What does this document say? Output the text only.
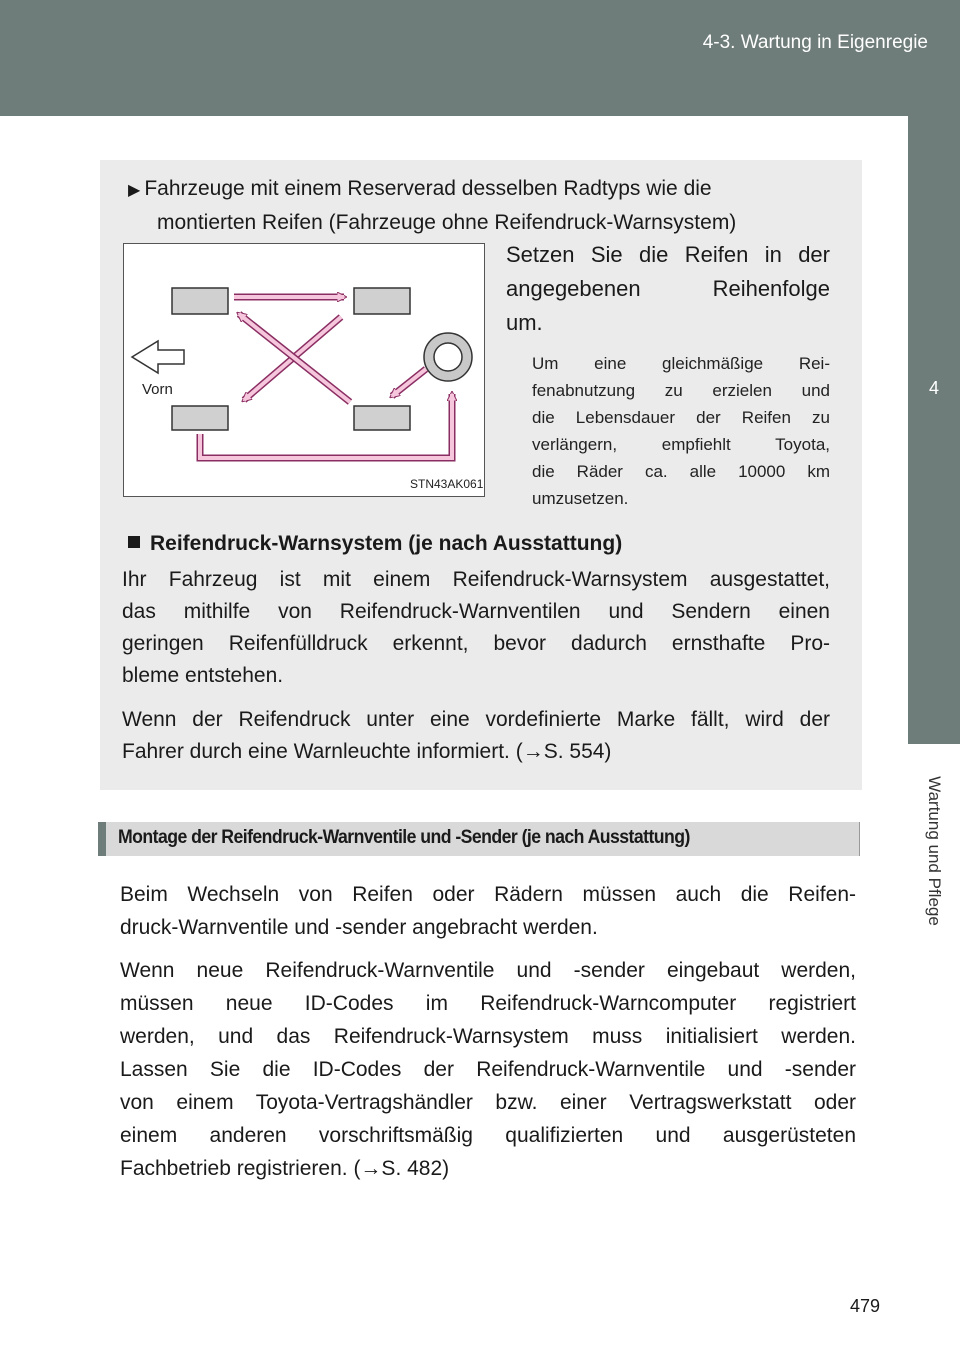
4-3. Wartung in Eigenregie
4
Wartung und Pflege
▶ Fahrzeuge mit einem Reserverad desselben Radtyps wie die
montierten Reifen (Fahrzeuge ohne Reifendruck-Warnsystem)
Vorn
STN43AK061
Setzen Sie die Reifen in der
angegebenen Reihenfolge
um.
Um eine gleichmäßige Rei-
fenabnutzung zu erzielen und
die Lebensdauer der Reifen zu
verlängern, empfiehlt Toyota,
die Räder ca. alle 10000 km
umzusetzen.
Reifendruck-Warnsystem (je nach Ausstattung)
Ihr Fahrzeug ist mit einem Reifendruck-Warnsystem ausgestattet,
das mithilfe von Reifendruck-Warnventilen und Sendern einen
geringen Reifenfülldruck erkennt, bevor dadurch ernsthafte Pro-
bleme entstehen.
Wenn der Reifendruck unter eine vordefinierte Marke fällt, wird der
Fahrer durch eine Warnleuchte informiert. (→S. 554)
Montage der Reifendruck-Warnventile und -Sender (je nach Ausstattung)
Beim Wechseln von Reifen oder Rädern müssen auch die Reifen-
druck-Warnventile und -sender angebracht werden.
Wenn neue Reifendruck-Warnventile und -sender eingebaut werden,
müssen neue ID-Codes im Reifendruck-Warncomputer registriert
werden, und das Reifendruck-Warnsystem muss initialisiert werden.
Lassen Sie die ID-Codes der Reifendruck-Warnventile und -sender
von einem Toyota-Vertragshändler bzw. einer Vertragswerkstatt oder
einem anderen vorschriftsmäßig qualifizierten und ausgerüsteten
Fachbetrieb registrieren. (→S. 482)
479
